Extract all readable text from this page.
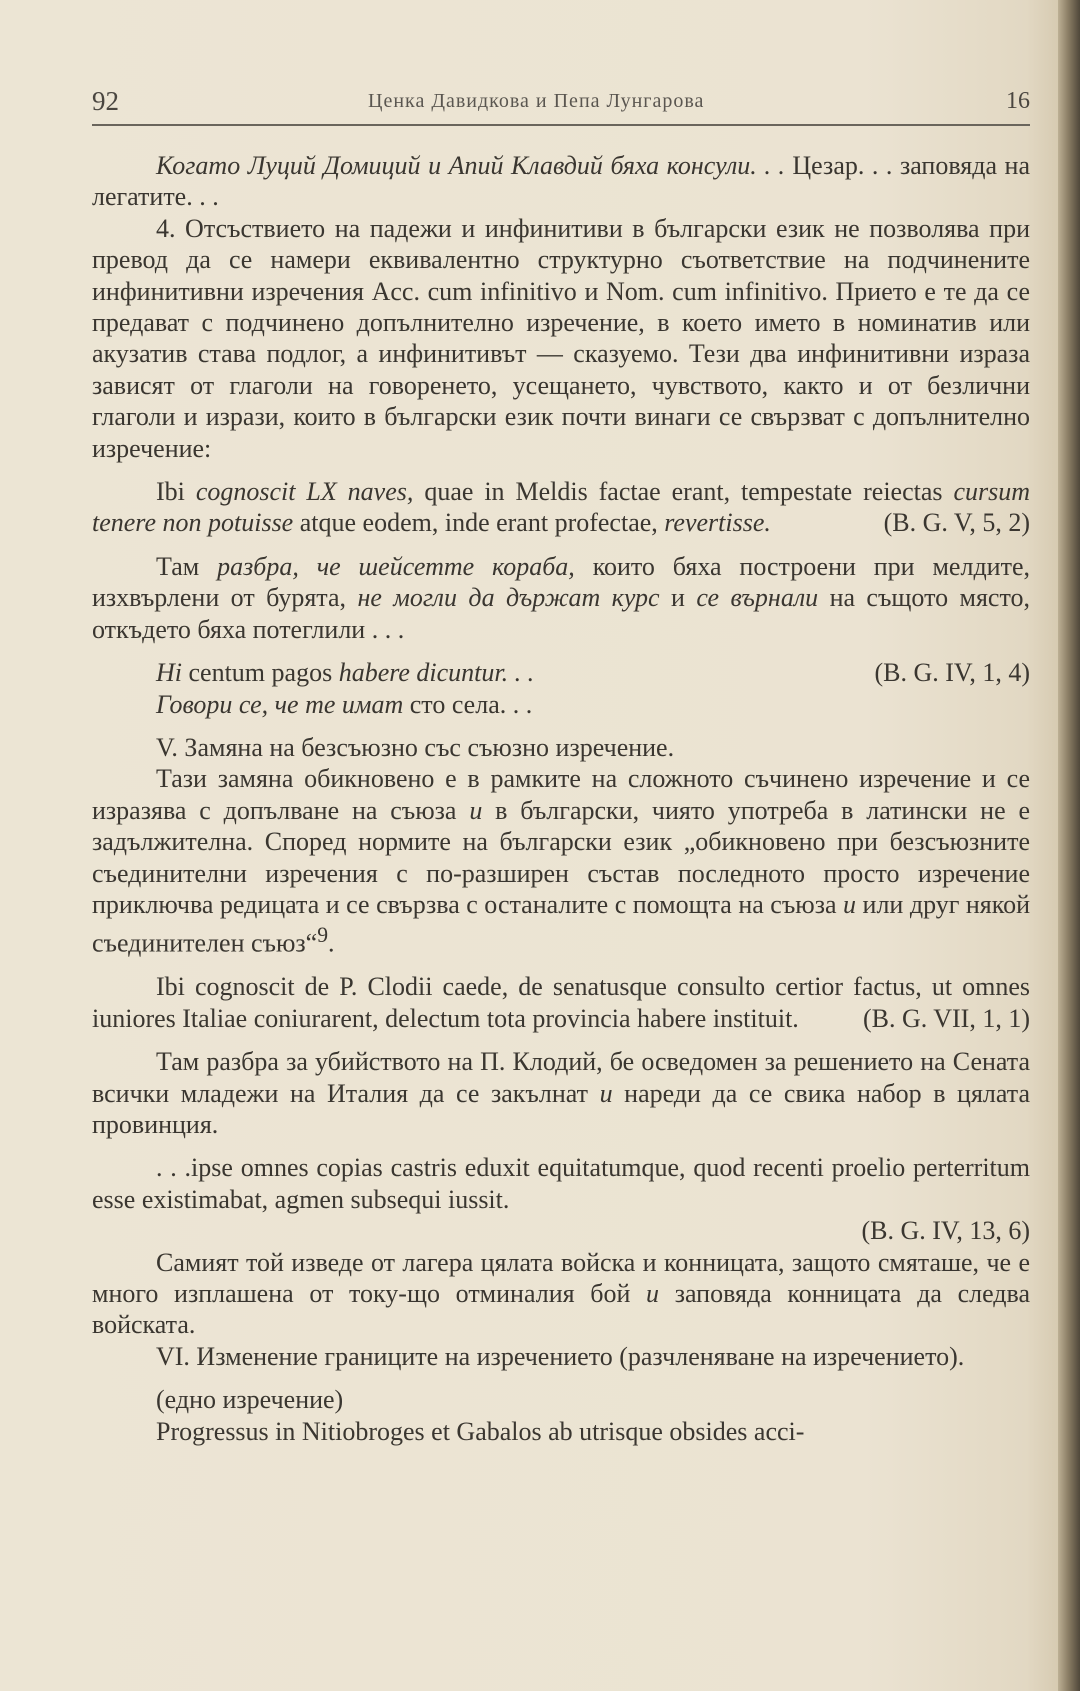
92	Ценка Давидкова и Пепа Лунгарова	16

Когато Луций Домиций и Апий Клавдий бяха консули. . . Цезар. . . заповяда на легатите. . .

4. Отсъствието на падежи и инфинитиви в български език не позволява при превод да се намери еквивалентно структурно съответствие на подчинените инфинитивни изречения Acc. cum infinitivo и Nom. cum infinitivo. Прието е те да се предават с подчинено допълнително изречение, в което името в номинатив или акузатив става подлог, а инфинитивът — сказуемо. Тези два инфинитивни израза зависят от глаголи на говоренето, усещането, чувството, както и от безлични глаголи и изрази, които в български език почти винаги се свързват с допълнително изречение:

Ibi cognoscit LX naves, quae in Meldis factae erant, tempestate reiectas cursum tenere non potuisse atque eodem, inde erant profectae, revertisse.	(B. G. V, 5, 2)

Там разбра, че шейсетте кораба, които бяха построени при мелдите, изхвърлени от бурята, не могли да държат курс и се върнали на същото място, откъдето бяха потеглили . . .

Hi centum pagos habere dicuntur. . .	(B. G. IV, 1, 4)

Говори се, че те имат сто села. . .

V. Замяна на безсъюзно със съюзно изречение.

Тази замяна обикновено е в рамките на сложното съчинено изречение и се изразява с допълване на съюза и в български, чиято употреба в латински не е задължителна. Според нормите на български език „обикновено при безсъюзните съединителни изречения с по-разширен състав последното просто изречение приключва редицата и се свързва с останалите с помощта на съюза и или друг някой съединителен съюз“$^9$.

Ibi cognoscit de P. Clodii caede, de senatusque consulto certior factus, ut omnes iuniores Italiae coniurarent, delectum tota provincia habere instituit.	(B. G. VII, 1, 1)

Там разбра за убийството на П. Клодий, бе осведомен за решението на Сената всички младежи на Италия да се закълнат и нареди да се свика набор в цялата провинция.

. . .ipse omnes copias castris eduxit equitatumque, quod recenti proelio perterritum esse existimabat, agmen subsequi iussit.

(B. G. IV, 13, 6)

Самият той изведе от лагера цялата войска и конницата, защото смяташе, че е много изплашена от току-що отминалия бой и заповяда конницата да следва войската.

VI. Изменение границите на изречението (разчленяване на изречението).

(едно изречение)

Progressus in Nitiobroges et Gabalos ab utrisque obsides acci-
